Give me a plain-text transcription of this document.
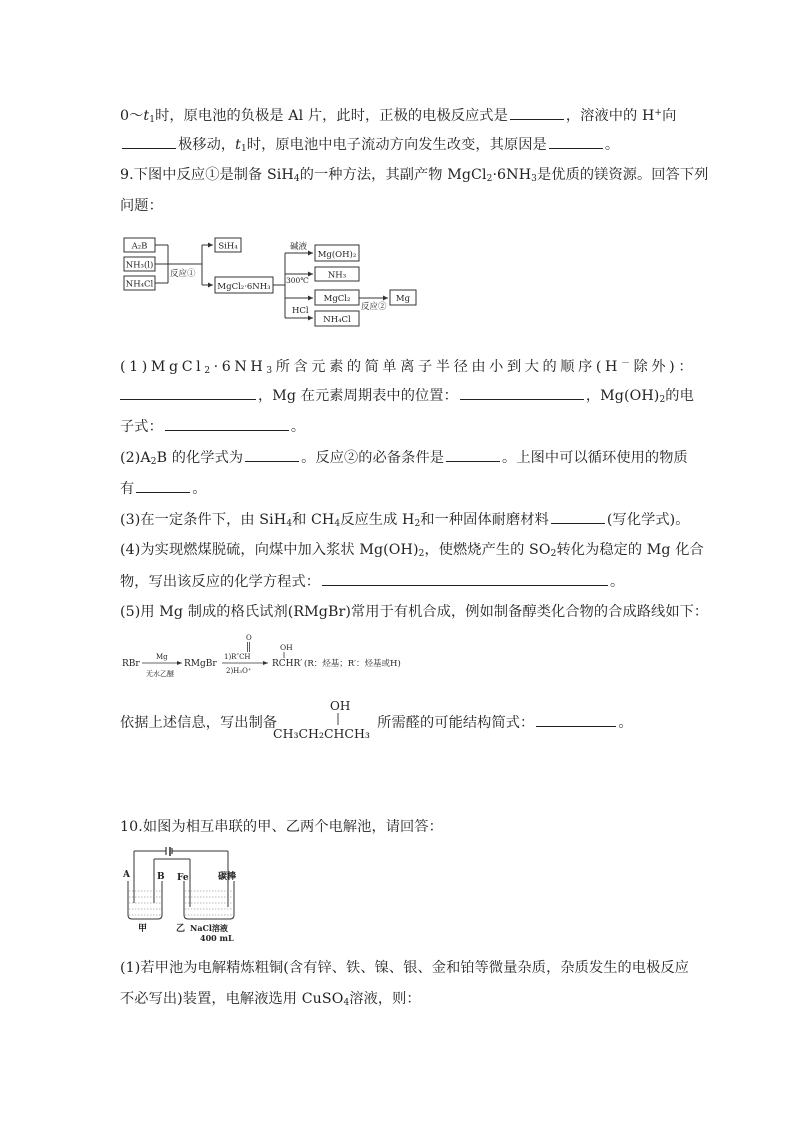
$0\sim t_1$时，原电池的负极是 Al 片，此时，正极的电极反应式是	，溶液中的 H+向
极移动，$t_1$时，原电池中电子流动方向发生改变，其原因是	。
9.下图中反应①是制备 SiH$_4$的一种方法，其副产物 $MgCl_2\cdot 6NH_3$是优质的镁资源。回答下列
问题：
A₂B
NH₃(l)
NH₄Cl
反应①
SiH₄
MgCl₂·6NH₃
碱液
300℃
HCl
Mg(OH)₂
NH₃
MgCl₂
NH₄Cl
反应②
Mg
$(1)MgCl_2\cdot 6NH_3$所含元素的简单离子半径由小到大的顺序(H－除外)：
，Mg 在元素周期表中的位置：	，$Mg(OH)_2$的电
子式：	。
$(2)A_2B$ 的化学式为	。反应②的必备条件是	。上图中可以循环使用的物质
有	。
(3)在一定条件下，由 SiH$_4$和 $CH_4$反应生成 $H_2$和一种固体耐磨材料	(写化学式)。
(4)为实现燃煤脱硫，向煤中加入浆状 $Mg(OH)_2$，使燃烧产生的 $SO_2$转化为稳定的 Mg 化合
物，写出该反应的化学方程式：	。
(5)用 Mg 制成的格氏试剂(RMgBr)常用于有机合成，例如制备醇类化合物的合成路线如下：
RBr
Mg
无水乙醚
RMgBr
O
1)R″CH
2)H₃O⁺
OH
RCHR′ (R：烃基；R′：烃基或H)
依据上述信息，写出制备	所需醛的可能结构简式：	。
OH
CH₃CH₂CHCH₃
10.如图为相互串联的甲、乙两个电解池，请回答：
A	B Fe	碳棒
甲	乙 NaCl溶液
400 mL
(1)若甲池为电解精炼粗铜(含有锌、铁、镍、银、金和铂等微量杂质，杂质发生的电极反应
不必写出)装置，电解液选用 CuSO$_4$溶液，则：
